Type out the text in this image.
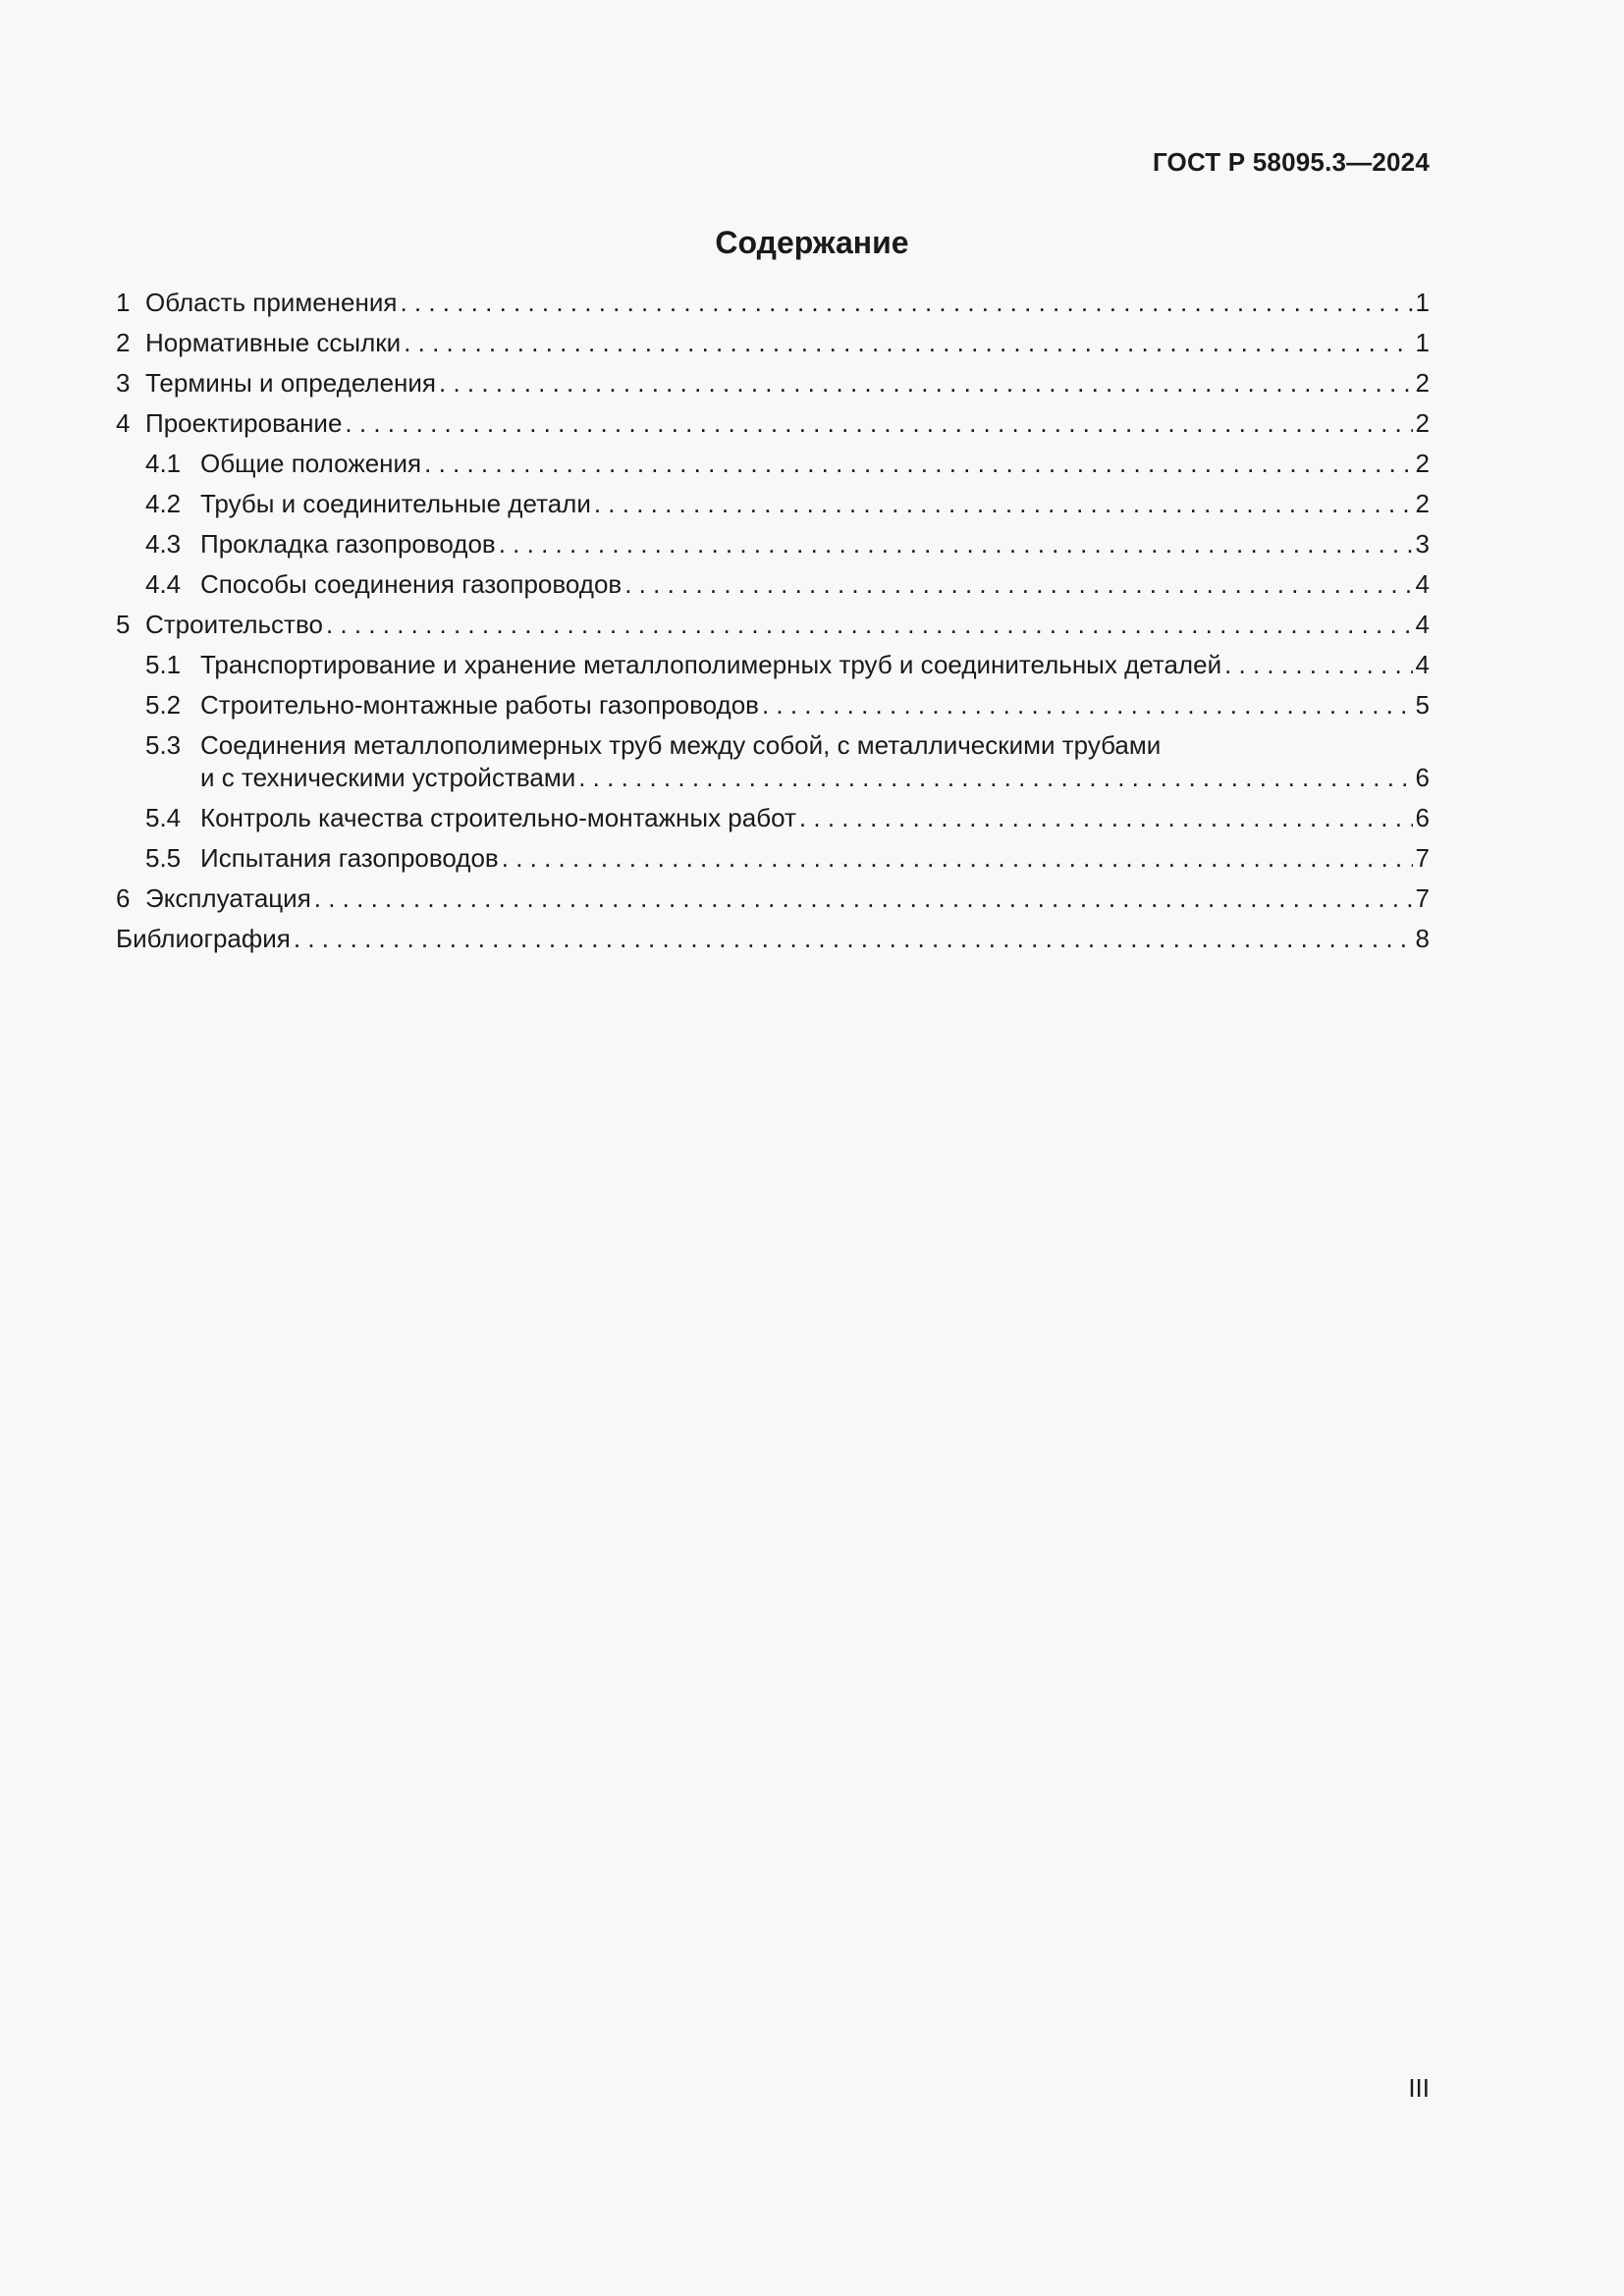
ГОСТ Р 58095.3—2024
Содержание
1 Область применения . . .	1
2 Нормативные ссылки . . .	1
3 Термины и определения . . .	2
4 Проектирование . . .	2
4.1 Общие положения . . .	2
4.2 Трубы и соединительные детали . . .	2
4.3 Прокладка газопроводов . . .	3
4.4 Способы соединения газопроводов . . .	4
5 Строительство . . .	4
5.1 Транспортирование и хранение металлополимерных труб и соединительных деталей . . .	4
5.2 Строительно-монтажные работы газопроводов . . .	5
5.3 Соединения металлополимерных труб между собой, с металлическими трубами
и с техническими устройствами . . .	6
5.4 Контроль качества строительно-монтажных работ . . .	6
5.5 Испытания газопроводов . . .	7
6 Эксплуатация . . .	7
Библиография . . .	8
III
